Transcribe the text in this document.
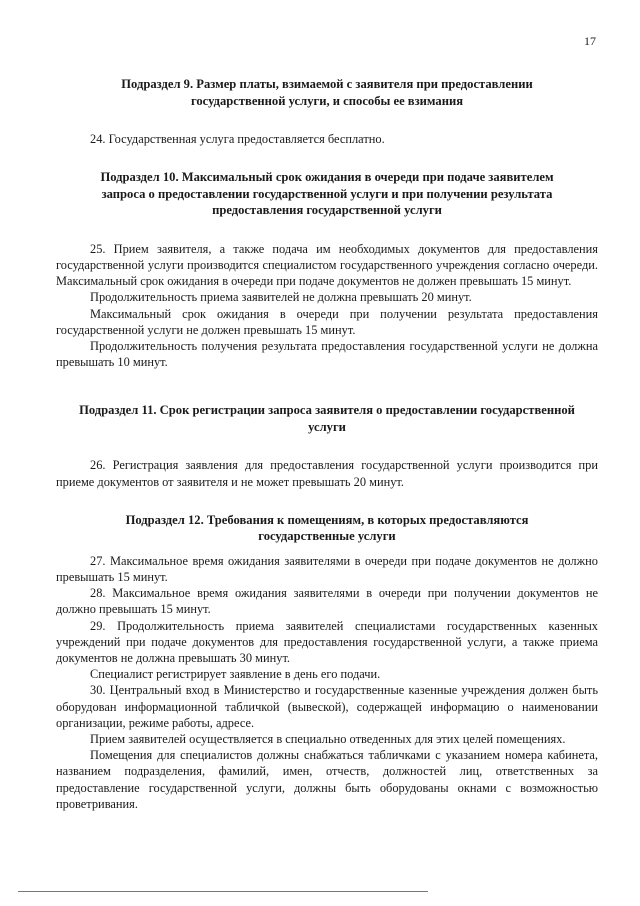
17
Подраздел 9. Размер платы, взимаемой с заявителя при предоставлении государственной услуги, и способы ее взимания

24. Государственная услуга предоставляется бесплатно.

Подраздел 10. Максимальный срок ожидания в очереди при подаче заявителем запроса о предоставлении государственной услуги и при получении результата предоставления государственной услуги

25. Прием заявителя, а также подача им необходимых документов для предоставления государственной услуги производится специалистом государственного учреждения согласно очереди. Максимальный срок ожидания в очереди при подаче документов не должен превышать 15 минут.

Продолжительность приема заявителей не должна превышать 20 минут.

Максимальный срок ожидания в очереди при получении результата предоставления государственной услуги не должен превышать 15 минут.

Продолжительность получения результата предоставления государственной услуги не должна превышать 10 минут.

Подраздел 11. Срок регистрации запроса заявителя о предоставлении государственной услуги

26. Регистрация заявления для предоставления государственной услуги производится при приеме документов от заявителя и не может превышать 20 минут.

Подраздел 12. Требования к помещениям, в которых предоставляются государственные услуги

27. Максимальное время ожидания заявителями в очереди при подаче документов не должно превышать 15 минут.

28. Максимальное время ожидания заявителями в очереди при получении документов не должно превышать 15 минут.

29. Продолжительность приема заявителей специалистами государственных казенных учреждений при подаче документов для предоставления государственной услуги, а также приема документов не должна превышать 30 минут.

Специалист регистрирует заявление в день его подачи.

30. Центральный вход в Министерство и государственные казенные учреждения должен быть оборудован информационной табличкой (вывеской), содержащей информацию о наименовании организации, режиме работы, адресе.

Прием заявителей осуществляется в специально отведенных для этих целей помещениях.

Помещения для специалистов должны снабжаться табличками с указанием номера кабинета, названием подразделения, фамилий, имен, отчеств, должностей лиц, ответственных за предоставление государственной услуги, должны быть оборудованы окнами с возможностью проветривания.
